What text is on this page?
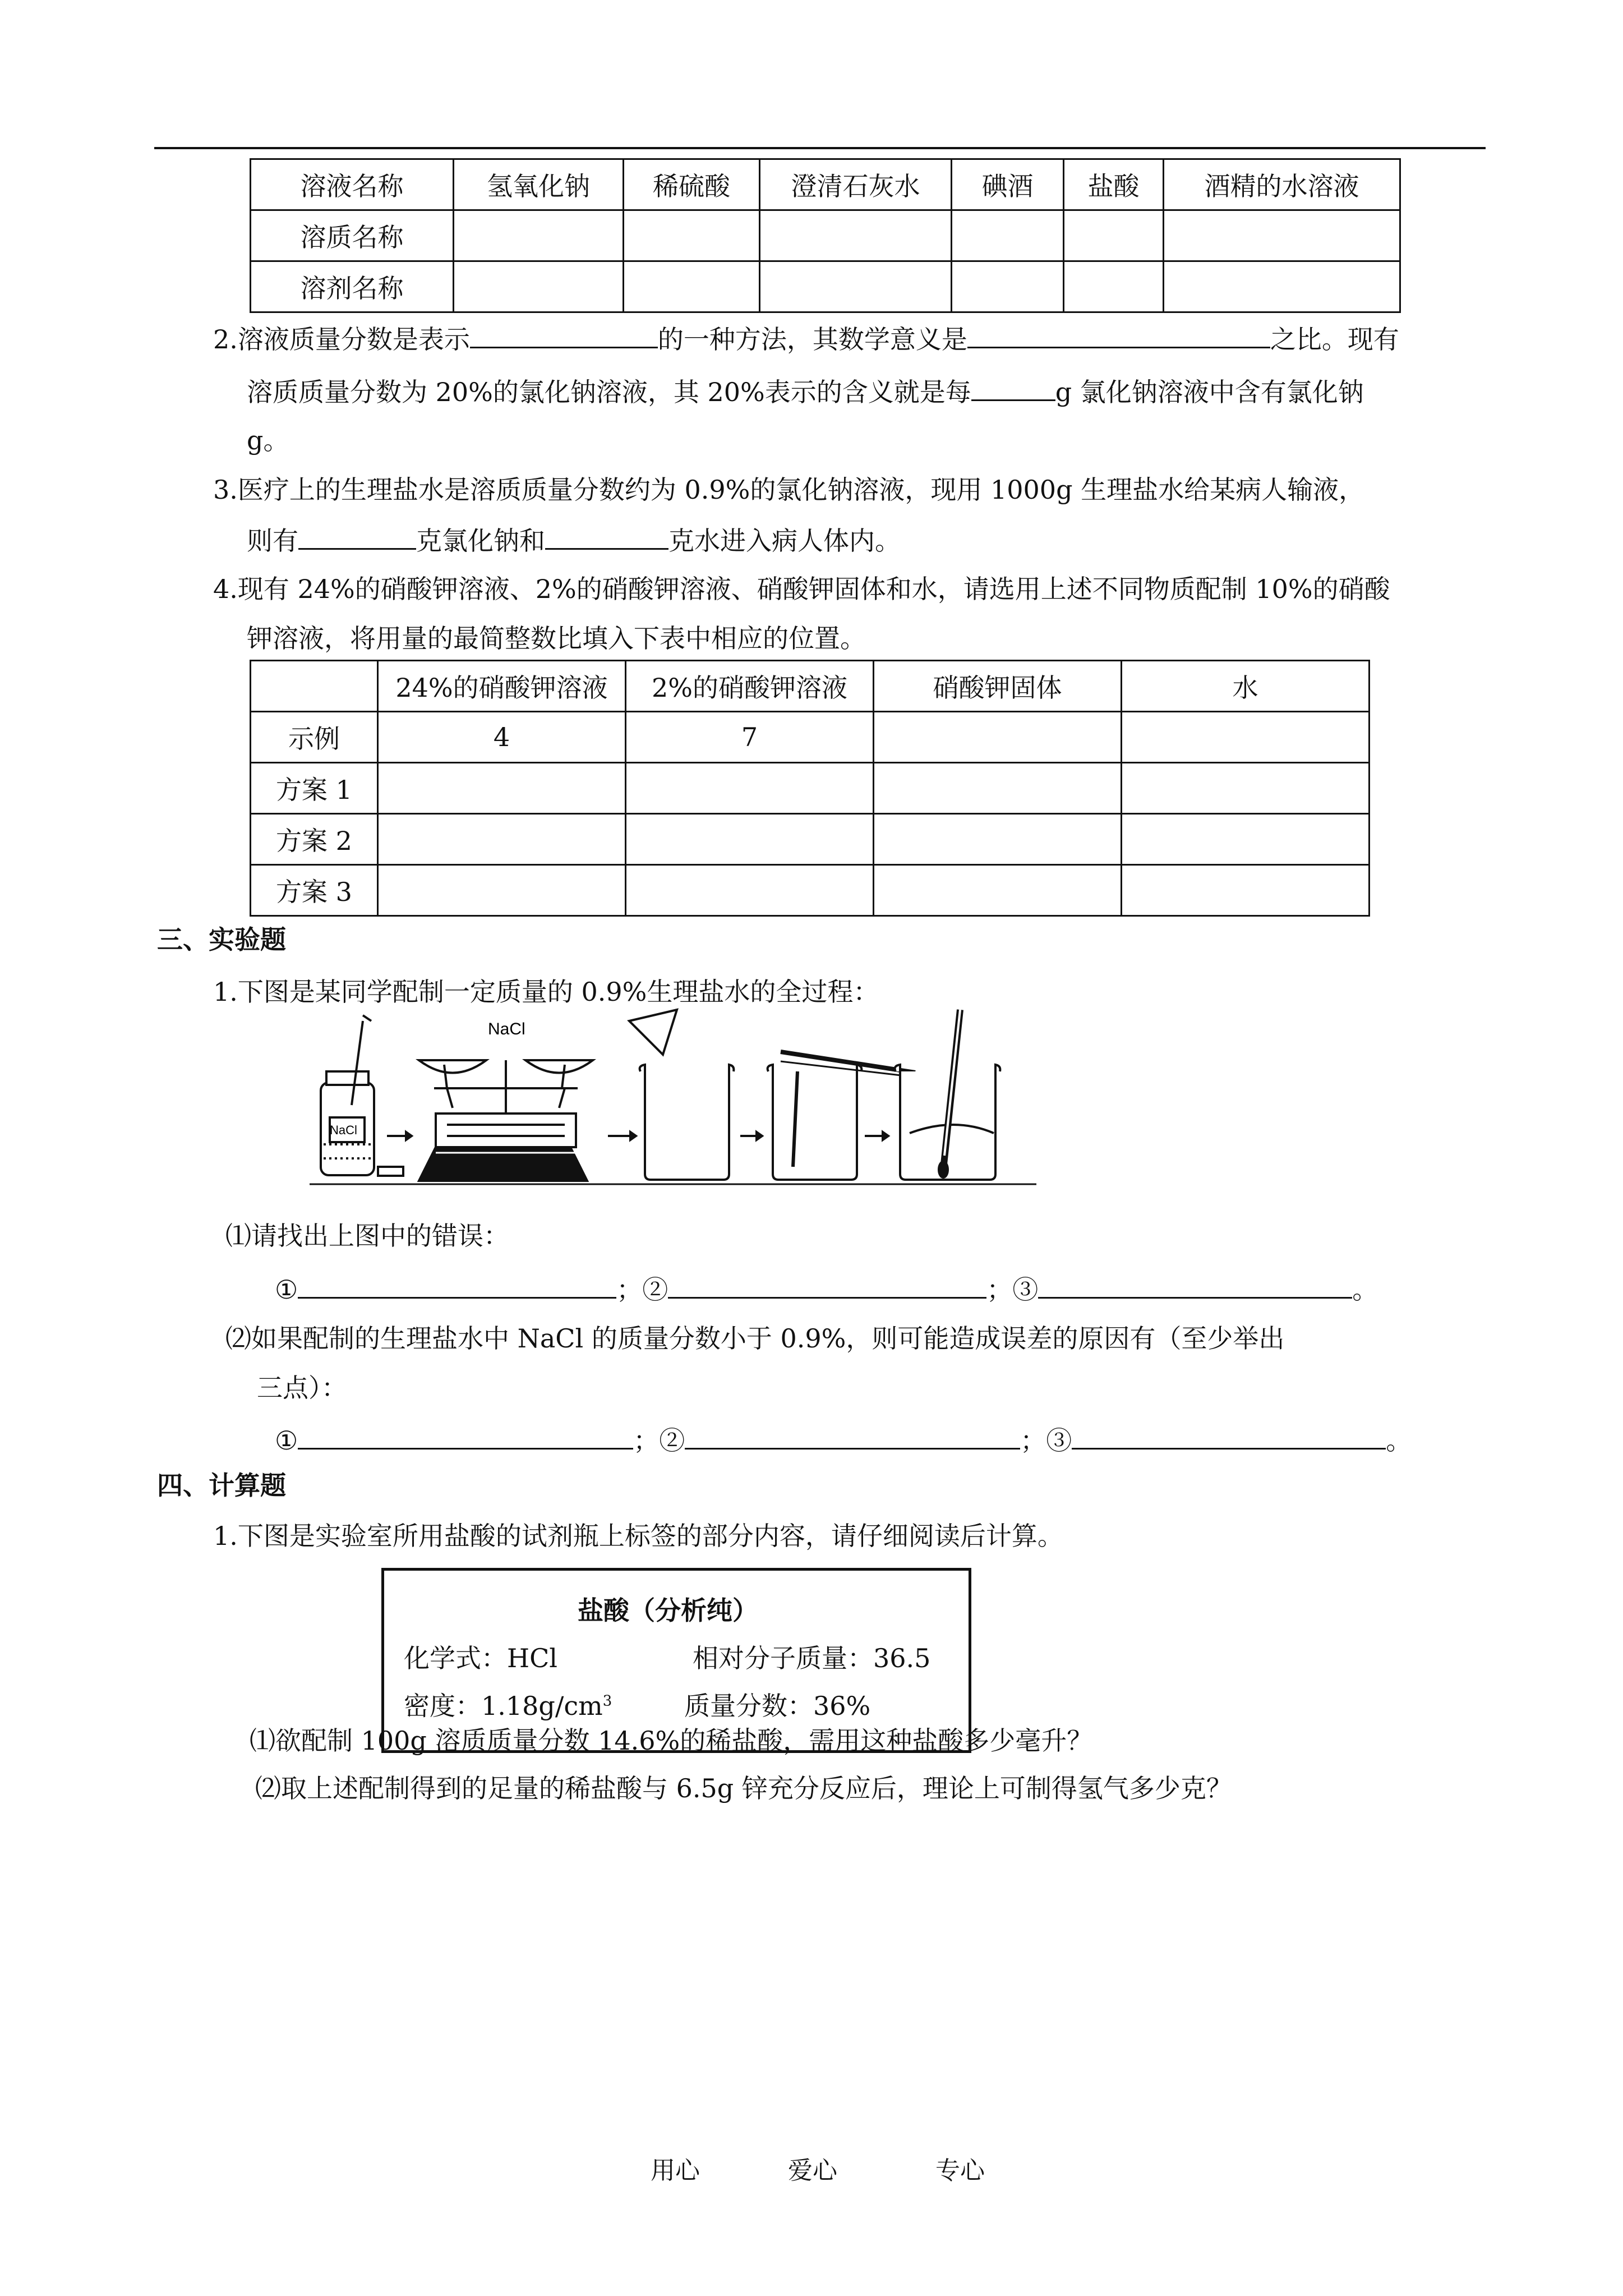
溶液名称	氢氧化钠	稀硫酸	澄清石灰水	碘酒	盐酸	酒精的水溶液
溶质名称						
溶剂名称						
2.溶液质量分数是表示	的一种方法，其数学意义是	之比。现有
溶质质量分数为 20%的氯化钠溶液，其 20%表示的含义就是每	g 氯化钠溶液中含有氯化钠
g。
3.医疗上的生理盐水是溶质质量分数约为 0.9%的氯化钠溶液，现用 1000g 生理盐水给某病人输液，
则有	克氯化钠和	克水进入病人体内。
4.现有 24%的硝酸钾溶液、2%的硝酸钾溶液、硝酸钾固体和水，请选用上述不同物质配制 10%的硝酸
钾溶液，将用量的最简整数比填入下表中相应的位置。
	24%的硝酸钾溶液	2%的硝酸钾溶液	硝酸钾固体	水
示例	4	7		
方案 1				
方案 2				
方案 3				
三、实验题
1.下图是某同学配制一定质量的 0.9%生理盐水的全过程：
NaCl
NaCl
⑴请找出上图中的错误：
①	；②	；③	。
⑵如果配制的生理盐水中 NaCl 的质量分数小于 0.9%，则可能造成误差的原因有（至少举出
三点）：
①	；②	；③	。
四、计算题
1.下图是实验室所用盐酸的试剂瓶上标签的部分内容，请仔细阅读后计算。
盐酸（分析纯）
化学式：HCl	相对分子质量：36.5
密度：$1.18g/cm^3$	质量分数：36%
⑴欲配制 100g 溶质质量分数 14.6%的稀盐酸，需用这种盐酸多少毫升？
⑵取上述配制得到的足量的稀盐酸与 6.5g 锌充分反应后，理论上可制得氢气多少克？
用心	爱心	专心
